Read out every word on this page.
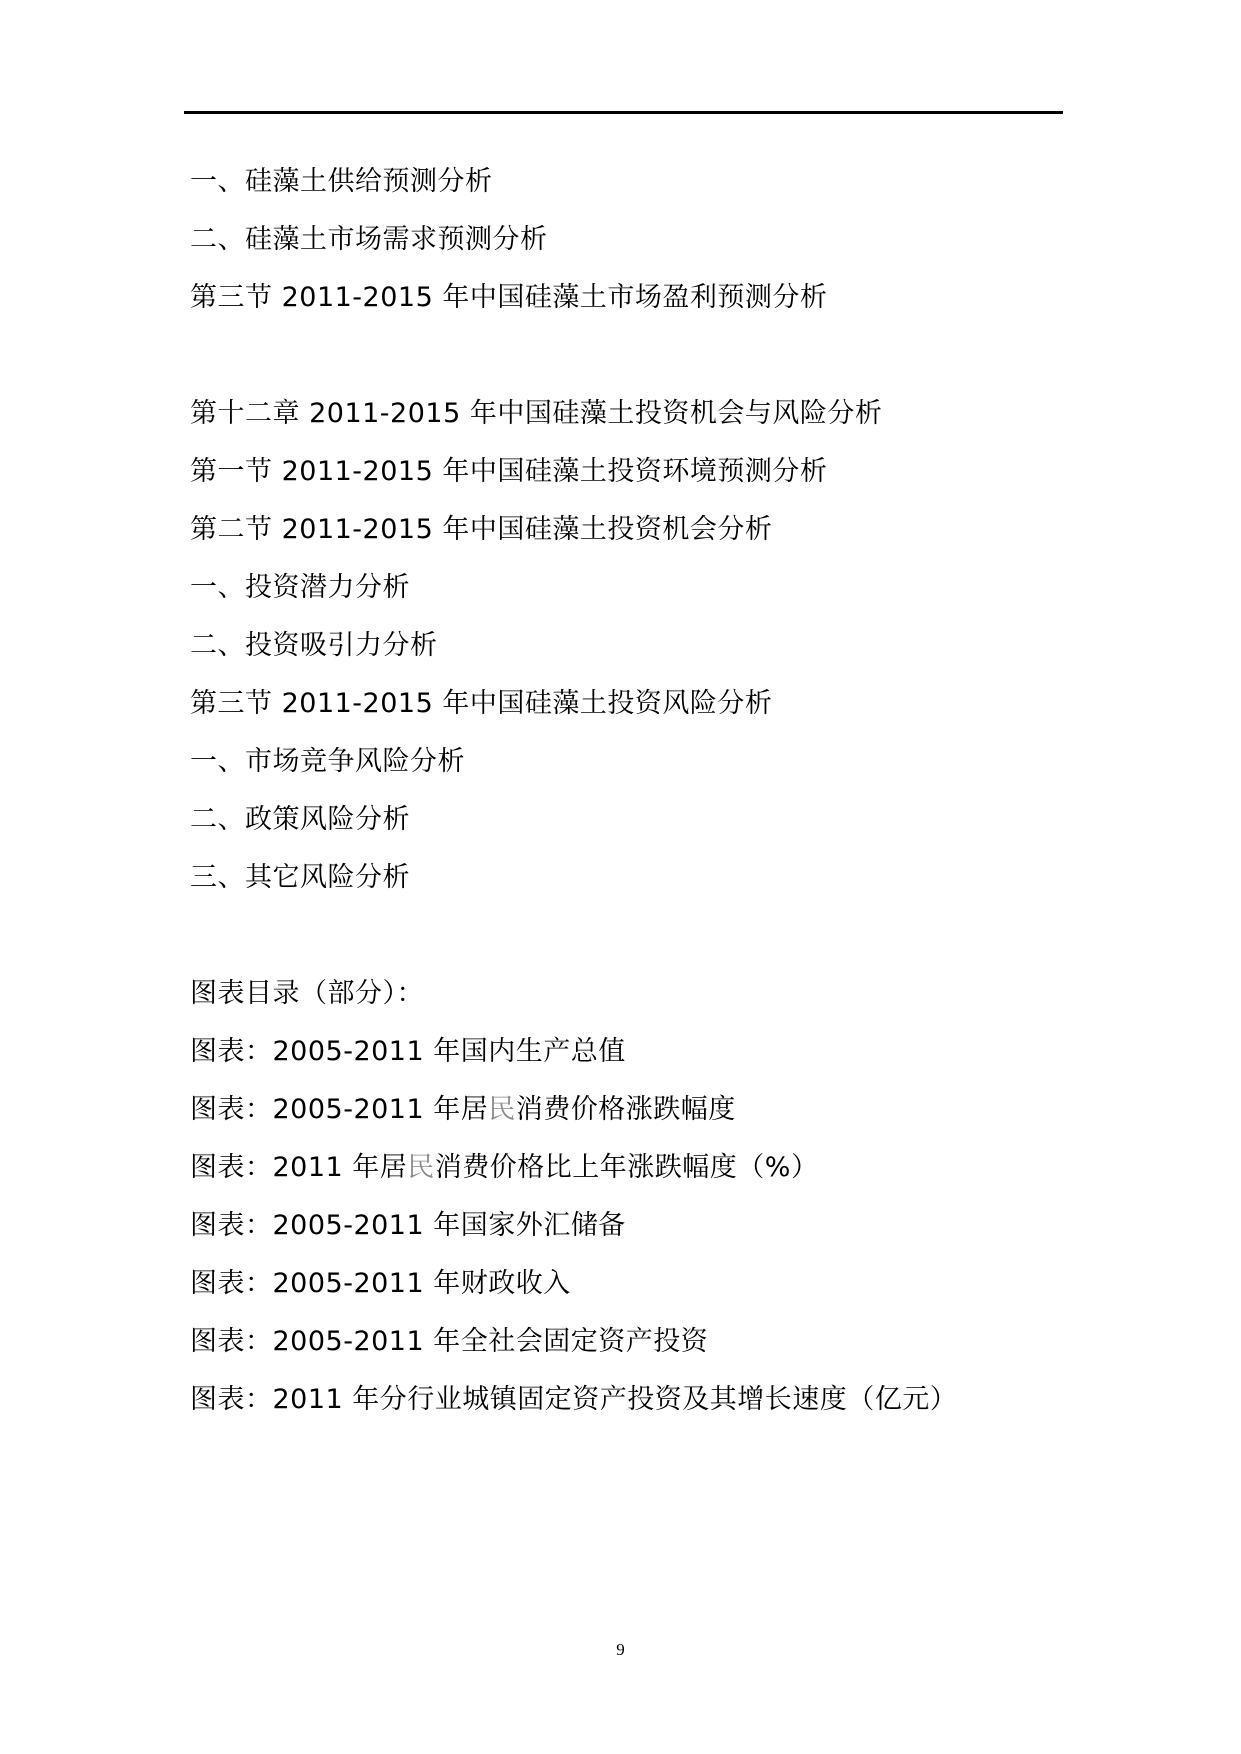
一、硅藻土供给预测分析
二、硅藻土市场需求预测分析
第三节 2011-2015 年中国硅藻土市场盈利预测分析
第十二章 2011-2015 年中国硅藻土投资机会与风险分析
第一节 2011-2015 年中国硅藻土投资环境预测分析
第二节 2011-2015 年中国硅藻土投资机会分析
一、投资潜力分析
二、投资吸引力分析
第三节 2011-2015 年中国硅藻土投资风险分析
一、市场竞争风险分析
二、政策风险分析
三、其它风险分析
图表目录（部分）：
图表：2005-2011 年国内生产总值
图表：2005-2011 年居民消费价格涨跌幅度
图表：2011 年居民消费价格比上年涨跌幅度（%）
图表：2005-2011 年国家外汇储备
图表：2005-2011 年财政收入
图表：2005-2011 年全社会固定资产投资
图表：2011 年分行业城镇固定资产投资及其增长速度（亿元）
9
